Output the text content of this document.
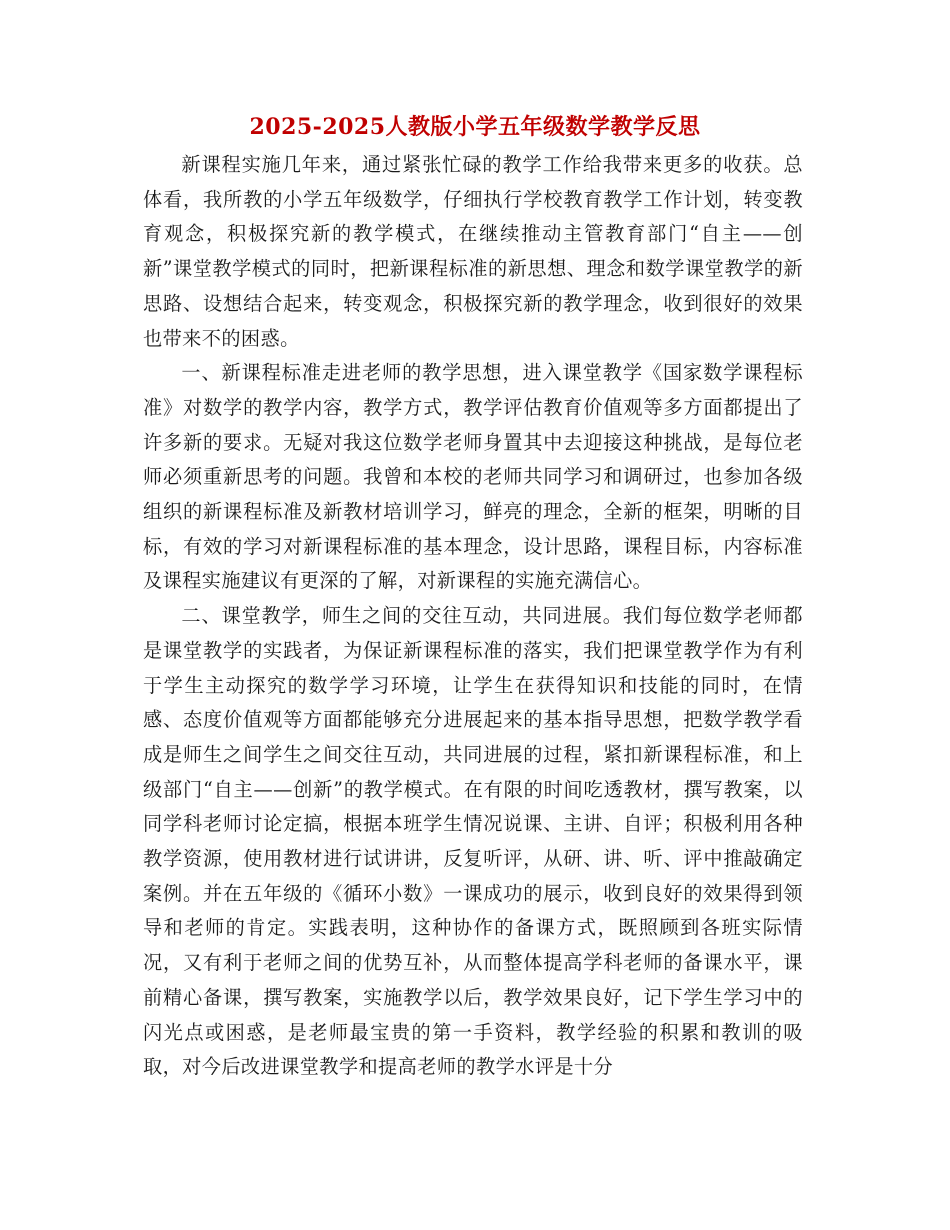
2025-2025人教版小学五年级数学教学反思

新课程实施几年来，通过紧张忙碌的教学工作给我带来更多的收获。总体看，我所教的小学五年级数学，仔细执行学校教育教学工作计划，转变教育观念，积极探究新的教学模式，在继续推动主管教育部门“自主——创新”课堂教学模式的同时，把新课程标准的新思想、理念和数学课堂教学的新思路、设想结合起来，转变观念，积极探究新的教学理念，收到很好的效果也带来不的困惑。

一、新课程标准走进老师的教学思想，进入课堂教学《国家数学课程标准》对数学的教学内容，教学方式，教学评估教育价值观等多方面都提出了许多新的要求。无疑对我这位数学老师身置其中去迎接这种挑战，是每位老师必须重新思考的问题。我曾和本校的老师共同学习和调研过，也参加各级组织的新课程标准及新教材培训学习，鲜亮的理念，全新的框架，明晰的目标，有效的学习对新课程标准的基本理念，设计思路，课程目标，内容标准及课程实施建议有更深的了解，对新课程的实施充满信心。

二、课堂教学，师生之间的交往互动，共同进展。我们每位数学老师都是课堂教学的实践者，为保证新课程标准的落实，我们把课堂教学作为有利于学生主动探究的数学学习环境，让学生在获得知识和技能的同时，在情感、态度价值观等方面都能够充分进展起来的基本指导思想，把数学教学看成是师生之间学生之间交往互动，共同进展的过程，紧扣新课程标准，和上级部门“自主——创新”的教学模式。在有限的时间吃透教材，撰写教案，以同学科老师讨论定搞，根据本班学生情况说课、主讲、自评；积极利用各种教学资源，使用教材进行试讲讲，反复听评，从研、讲、听、评中推敲确定案例。并在五年级的《循环小数》一课成功的展示，收到良好的效果得到领导和老师的肯定。实践表明，这种协作的备课方式，既照顾到各班实际情况，又有利于老师之间的优势互补，从而整体提高学科老师的备课水平，课前精心备课，撰写教案，实施教学以后，教学效果良好，记下学生学习中的闪光点或困惑，是老师最宝贵的第一手资料，教学经验的积累和教训的吸取，对今后改进课堂教学和提高老师的教学水评是十分
